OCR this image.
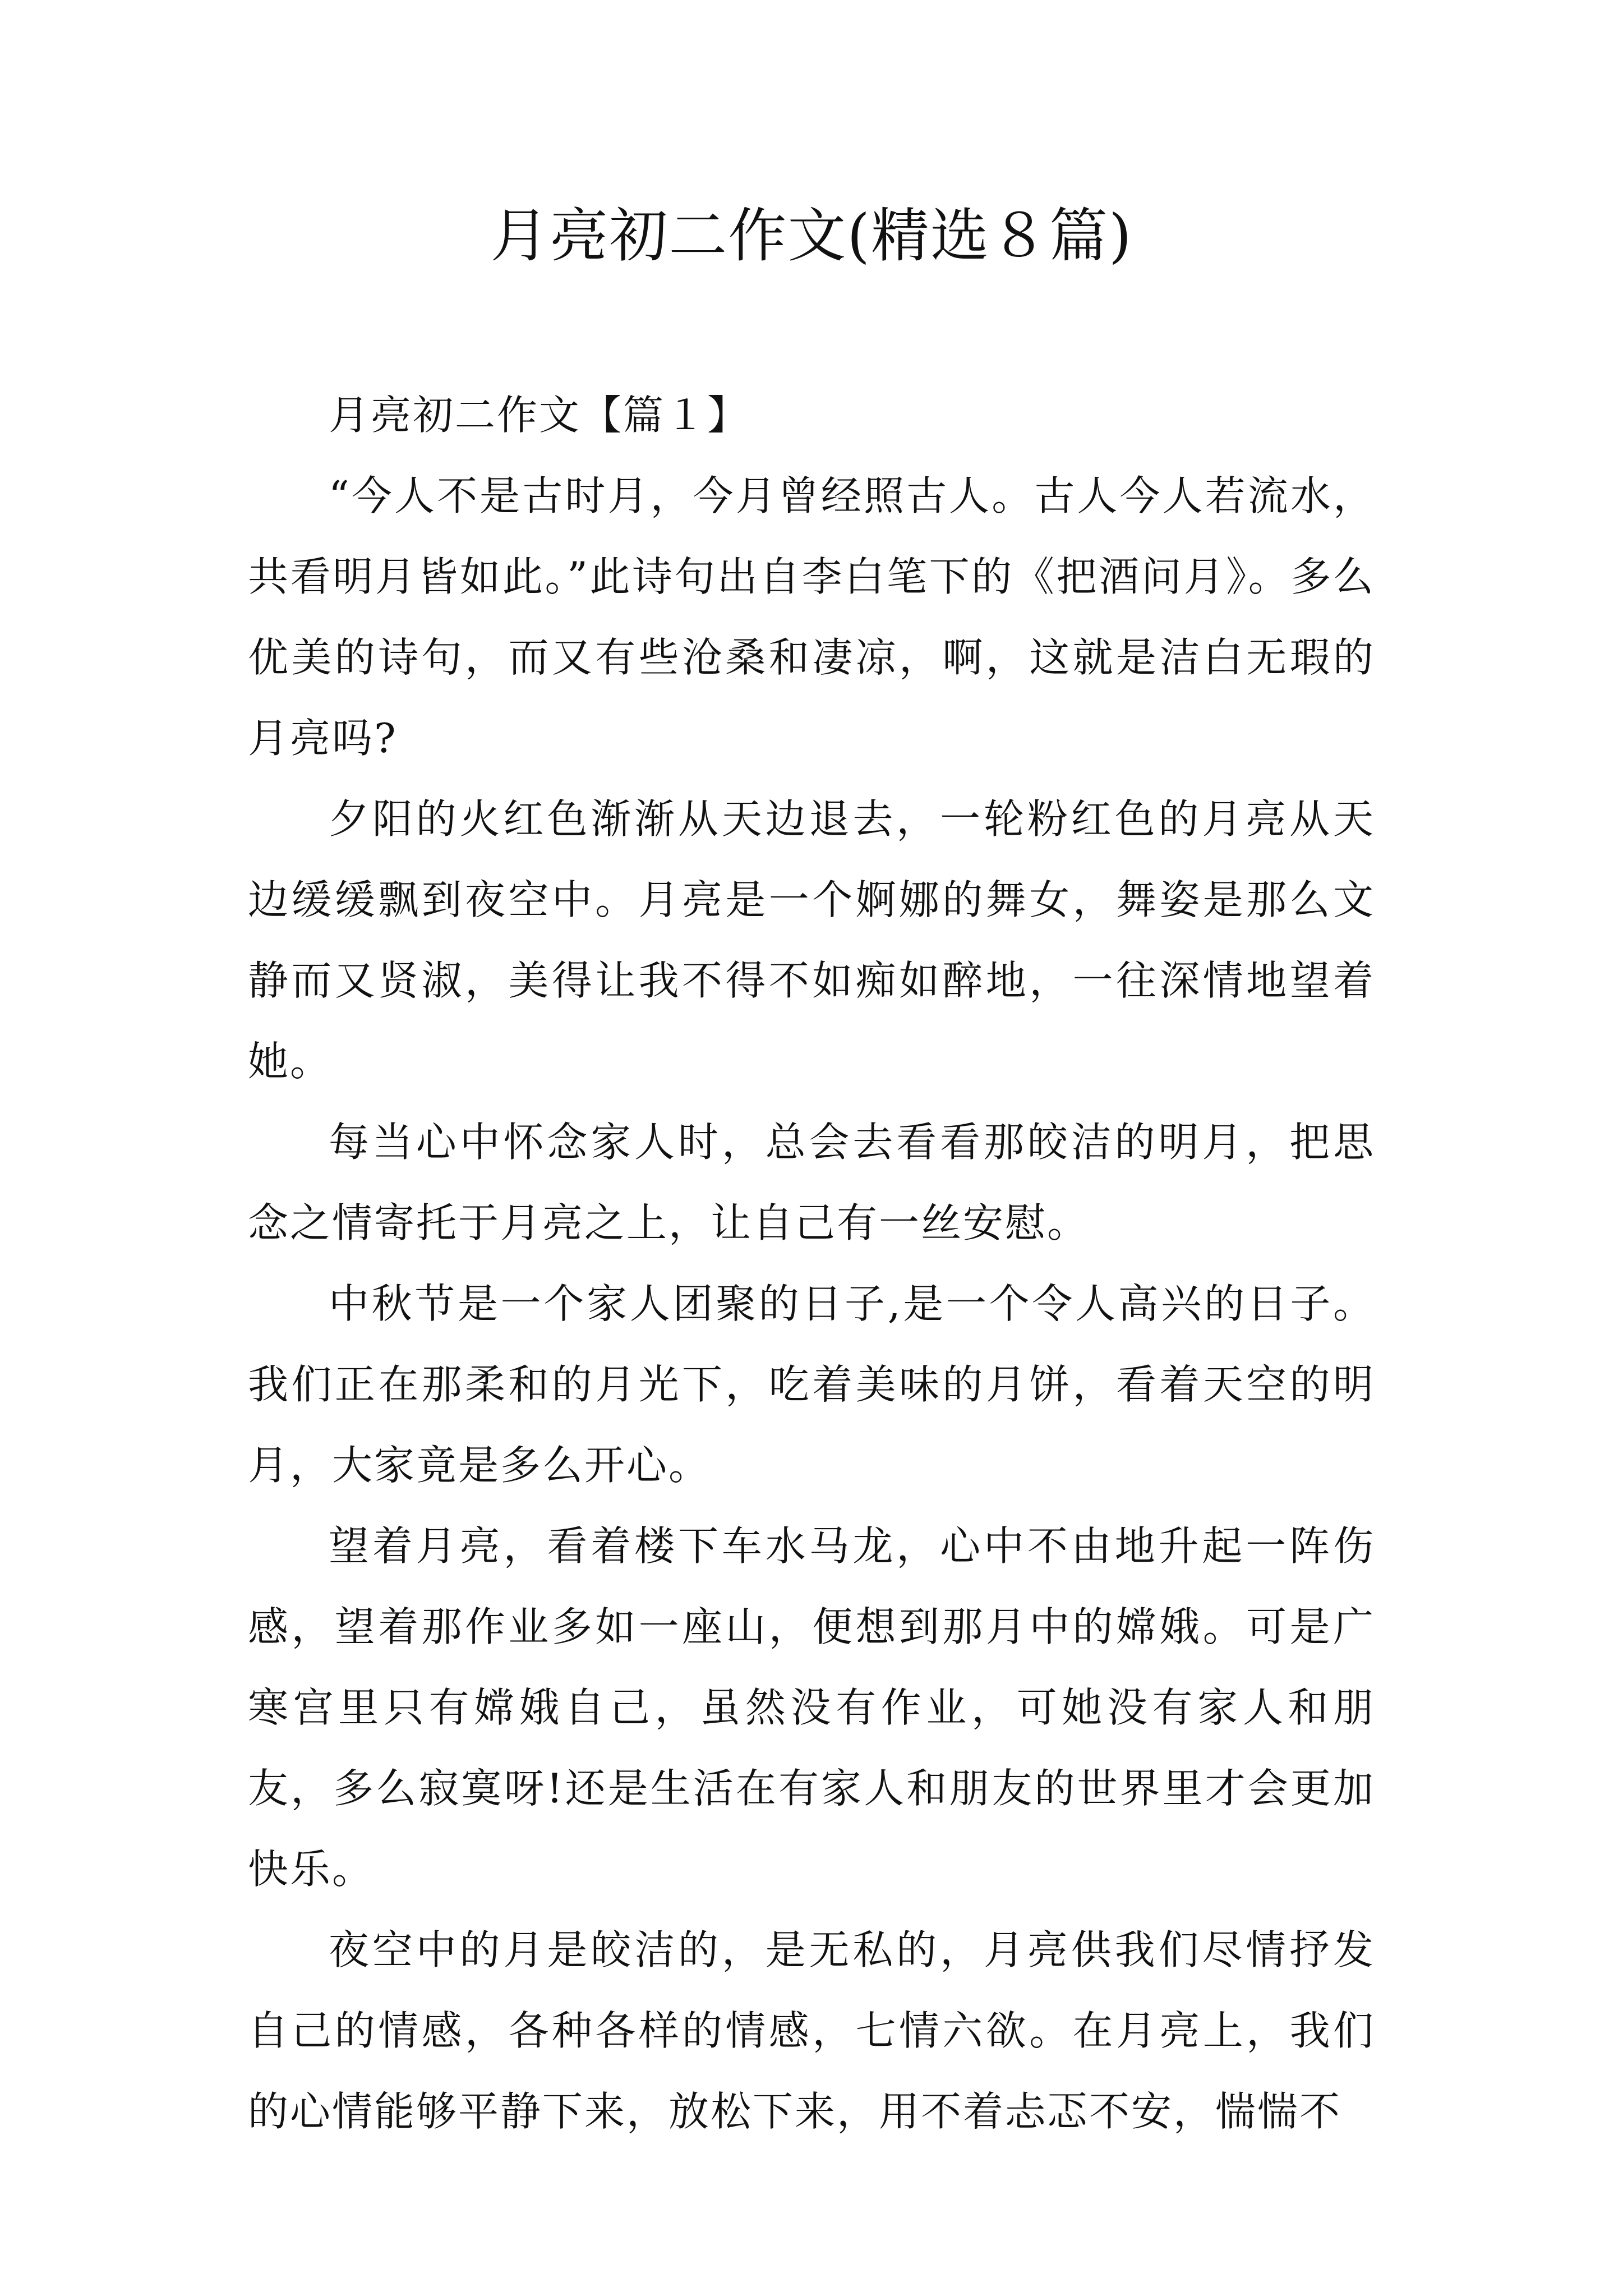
月亮初二作文(精选８篇)

月亮初二作文【篇１】

“今人不是古时月，今月曾经照古人。古人今人若流水，共看明月皆如此。”此诗句出自李白笔下的《把酒问月》。多么优美的诗句，而又有些沧桑和凄凉，啊，这就是洁白无瑕的月亮吗?

夕阳的火红色渐渐从天边退去，一轮粉红色的月亮从天边缓缓飘到夜空中。月亮是一个婀娜的舞女，舞姿是那么文静而又贤淑，美得让我不得不如痴如醉地，一往深情地望着她。

每当心中怀念家人时，总会去看看那皎洁的明月，把思念之情寄托于月亮之上，让自己有一丝安慰。

中秋节是一个家人团聚的日子,是一个令人高兴的日子。我们正在那柔和的月光下，吃着美味的月饼，看着天空的明月，大家竟是多么开心。

望着月亮，看着楼下车水马龙，心中不由地升起一阵伤感，望着那作业多如一座山，便想到那月中的嫦娥。可是广寒宫里只有嫦娥自己，虽然没有作业，可她没有家人和朋友，多么寂寞呀!还是生活在有家人和朋友的世界里才会更加快乐。

夜空中的月是皎洁的，是无私的，月亮供我们尽情抒发自己的情感，各种各样的情感，七情六欲。在月亮上，我们的心情能够平静下来，放松下来，用不着忐忑不安，惴惴不
